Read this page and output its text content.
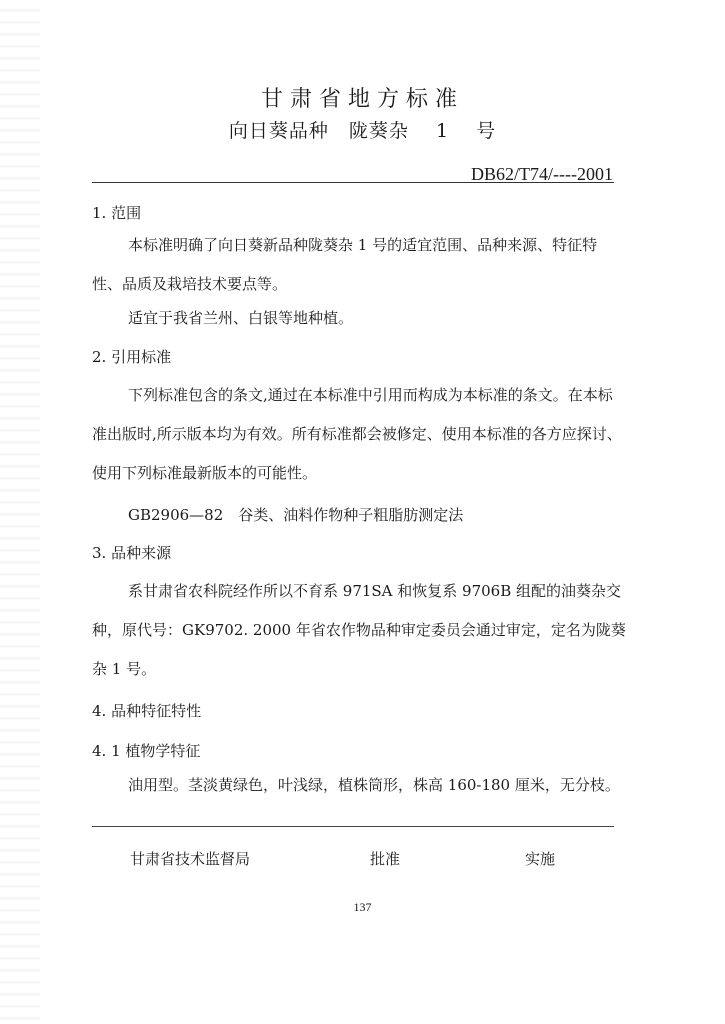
甘肃省地方标准
向日葵品种　陇葵杂 1 号
DB62/T74/----2001

1. 范围

本标准明确了向日葵新品种陇葵杂 1 号的适宜范围、品种来源、特征特性、品质及栽培技术要点等。

适宜于我省兰州、白银等地种植。

2. 引用标准

下列标准包含的条文,通过在本标准中引用而构成为本标准的条文。在本标准出版时,所示版本均为有效。所有标准都会被修定、使用本标准的各方应探讨、使用下列标准最新版本的可能性。

GB2906—82　谷类、油料作物种子粗脂肪测定法

3. 品种来源

系甘肃省农科院经作所以不育系 971SA 和恢复系 9706B 组配的油葵杂交种，原代号：GK9702. 2000 年省农作物品种审定委员会通过审定，定名为陇葵杂 1 号。

4. 品种特征特性

4. 1 植物学特征

油用型。茎淡黄绿色，叶浅绿，植株筒形，株高 160-180 厘米，无分枝。

甘肃省技术监督局	批准	实施
137
